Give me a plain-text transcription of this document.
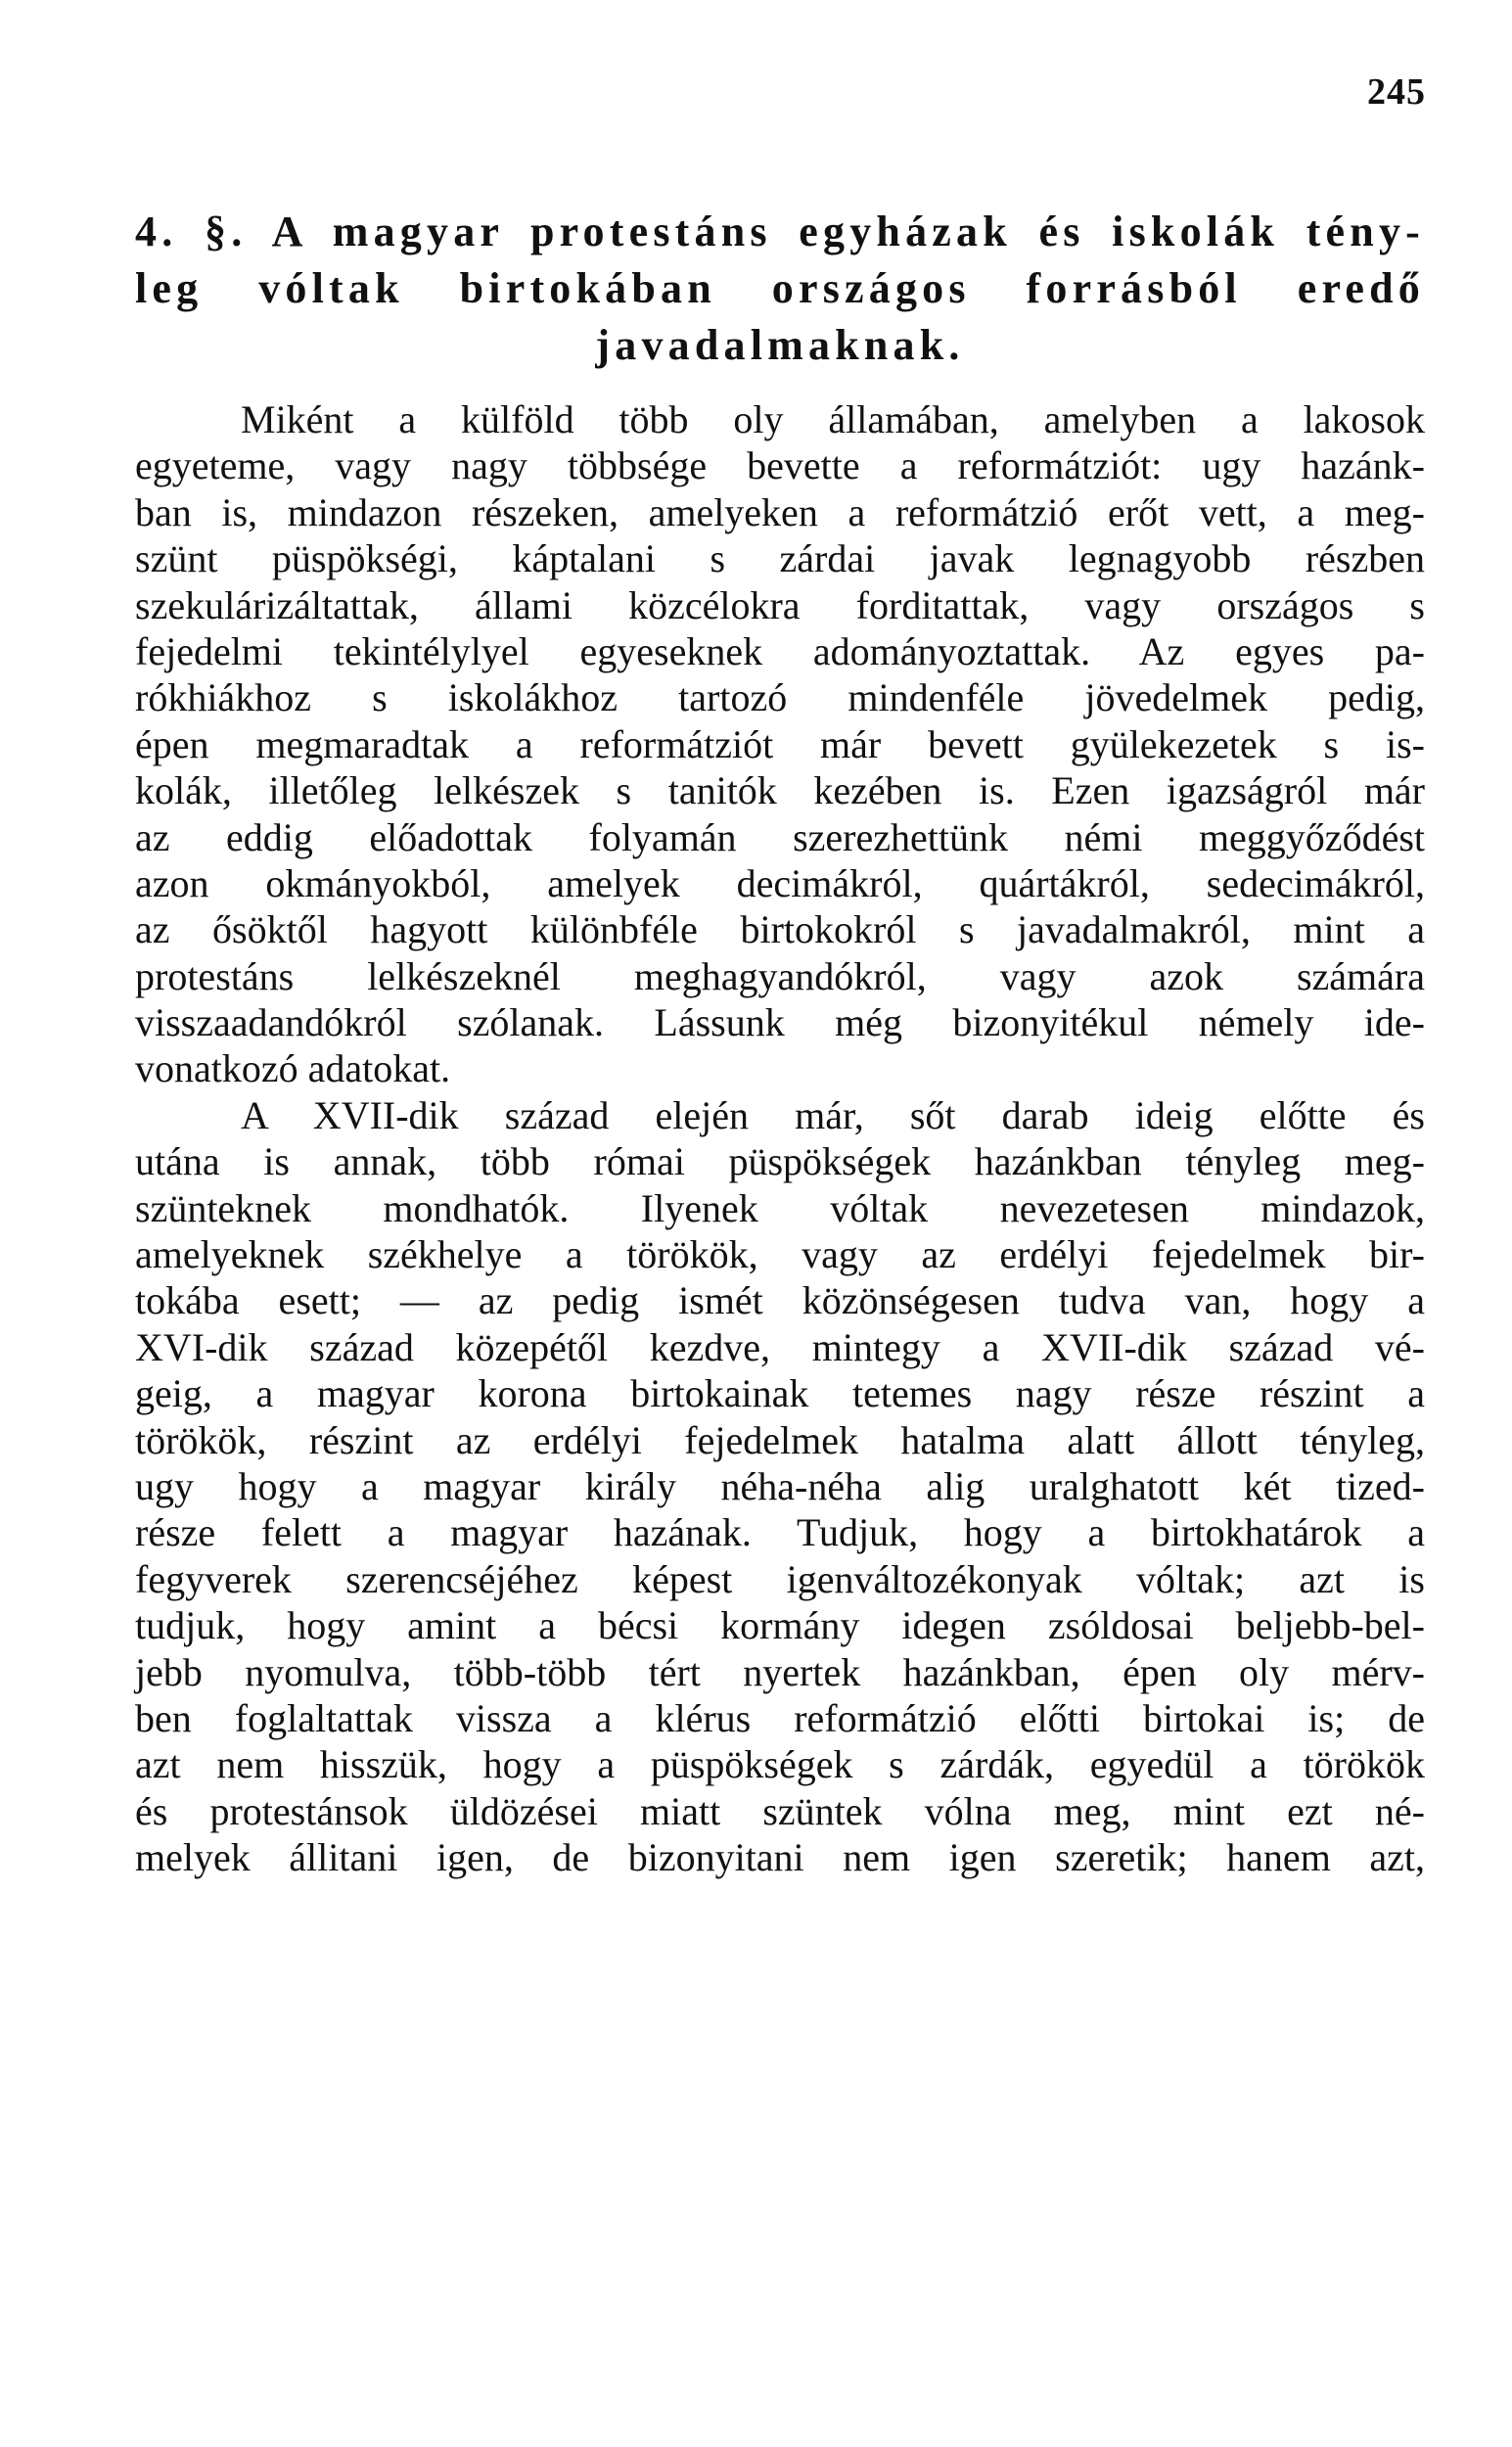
245
4. §. A magyar protestáns egyházak és iskolák tény-
leg vóltak birtokában országos forrásból eredő
javadalmaknak.
Miként a külföld több oly államában, amelyben a lakosok
egyeteme, vagy nagy többsége bevette a reformátziót: ugy hazánk-
ban is, mindazon részeken, amelyeken a reformátzió erőt vett, a meg-
szünt püspökségi, káptalani s zárdai javak legnagyobb részben
szekulárizáltattak, állami közcélokra forditattak, vagy országos s
fejedelmi tekintélylyel egyeseknek adományoztattak. Az egyes pa-
rókhiákhoz s iskolákhoz tartozó mindenféle jövedelmek pedig,
épen megmaradtak a reformátziót már bevett gyülekezetek s is-
kolák, illetőleg lelkészek s tanitók kezében is. Ezen igazságról már
az eddig előadottak folyamán szerezhettünk némi meggyőződést
azon okmányokból, amelyek decimákról, quártákról, sedecimákról,
az ősöktől hagyott különbféle birtokokról s javadalmakról, mint a
protestáns lelkészeknél meghagyandókról, vagy azok számára
visszaadandókról szólanak. Lássunk még bizonyitékul némely ide-
vonatkozó adatokat.
A XVII-dik század elején már, sőt darab ideig előtte és
utána is annak, több római püspökségek hazánkban tényleg meg-
szünteknek mondhatók. Ilyenek vóltak nevezetesen mindazok,
amelyeknek székhelye a törökök, vagy az erdélyi fejedelmek bir-
tokába esett; — az pedig ismét közönségesen tudva van, hogy a
XVI-dik század közepétől kezdve, mintegy a XVII-dik század vé-
geig, a magyar korona birtokainak tetemes nagy része részint a
törökök, részint az erdélyi fejedelmek hatalma alatt állott tényleg,
ugy hogy a magyar király néha-néha alig uralghatott két tized-
része felett a magyar hazának. Tudjuk, hogy a birtokhatárok a
fegyverek szerencséjéhez képest igenváltozékonyak vóltak; azt is
tudjuk, hogy amint a bécsi kormány idegen zsóldosai beljebb-bel-
jebb nyomulva, több-több tért nyertek hazánkban, épen oly mérv-
ben foglaltattak vissza a klérus reformátzió előtti birtokai is; de
azt nem hisszük, hogy a püspökségek s zárdák, egyedül a törökök
és protestánsok üldözései miatt szüntek vólna meg, mint ezt né-
melyek állitani igen, de bizonyitani nem igen szeretik; hanem azt,
